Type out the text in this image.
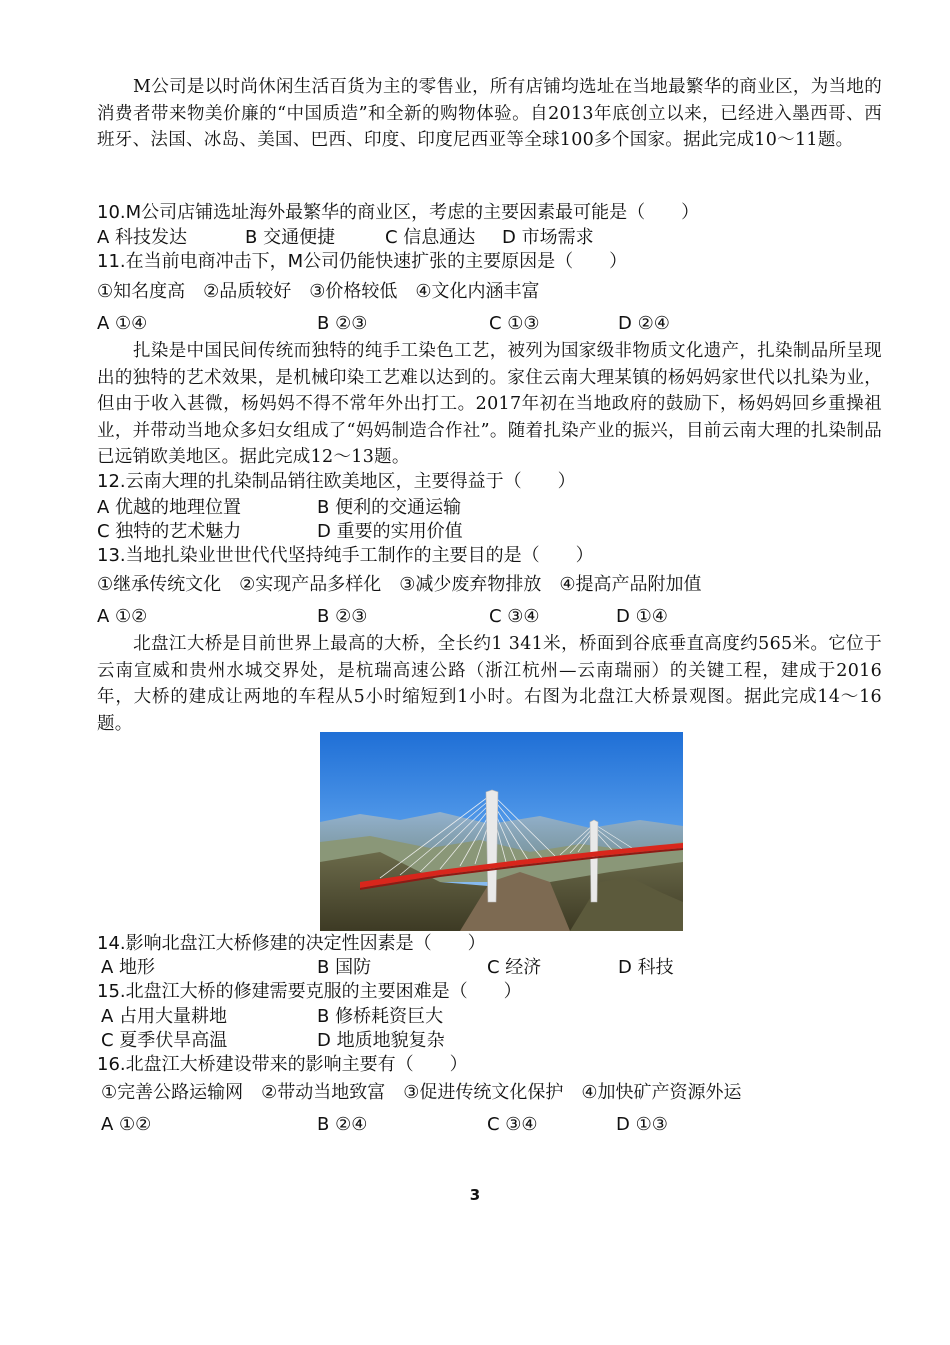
M公司是以时尚休闲生活百货为主的零售业，所有店铺均选址在当地最繁华的商业区，为当地的消费者带来物美价廉的“中国质造”和全新的购物体验。自2013年底创立以来，已经进入墨西哥、西班牙、法国、冰岛、美国、巴西、印度、印度尼西亚等全球100多个国家。据此完成10～11题。
10.M公司店铺选址海外最繁华的商业区，考虑的主要因素最可能是（　　）
A 科技发达	B 交通便捷	C 信息通达 D 市场需求
11.在当前电商冲击下，M公司仍能快速扩张的主要原因是（　　）
①知名度高　②品质较好　③价格较低　④文化内涵丰富
A ①④	B ②③	C ①③	D ②④
扎染是中国民间传统而独特的纯手工染色工艺，被列为国家级非物质文化遗产，扎染制品所呈现出的独特的艺术效果，是机械印染工艺难以达到的。家住云南大理某镇的杨妈妈家世代以扎染为业，但由于收入甚微，杨妈妈不得不常年外出打工。2017年初在当地政府的鼓励下，杨妈妈回乡重操祖业，并带动当地众多妇女组成了“妈妈制造合作社”。随着扎染产业的振兴，目前云南大理的扎染制品已远销欧美地区。据此完成12～13题。
12.云南大理的扎染制品销往欧美地区，主要得益于（　　）
A 优越的地理位置	B 便利的交通运输
C 独特的艺术魅力	D 重要的实用价值
13.当地扎染业世世代代坚持纯手工制作的主要目的是（　　）
①继承传统文化　②实现产品多样化　③减少废弃物排放　④提高产品附加值
A ①②	B ②③	C ③④	D ①④
北盘江大桥是目前世界上最高的大桥，全长约1 341米，桥面到谷底垂直高度约565米。它位于云南宣威和贵州水城交界处，是杭瑞高速公路（浙江杭州—云南瑞丽）的关键工程，建成于2016年，大桥的建成让两地的车程从5小时缩短到1小时。右图为北盘江大桥景观图。据此完成14～16题。
14.影响北盘江大桥修建的决定性因素是（　　）
A 地形	B 国防	C 经济	D 科技
15.北盘江大桥的修建需要克服的主要困难是（　　）
A 占用大量耕地	B 修桥耗资巨大
C 夏季伏旱高温	D 地质地貌复杂
16.北盘江大桥建设带来的影响主要有（　　）
①完善公路运输网　②带动当地致富　③促进传统文化保护　④加快矿产资源外运
A ①②	B ②④	C ③④	D ①③
3
